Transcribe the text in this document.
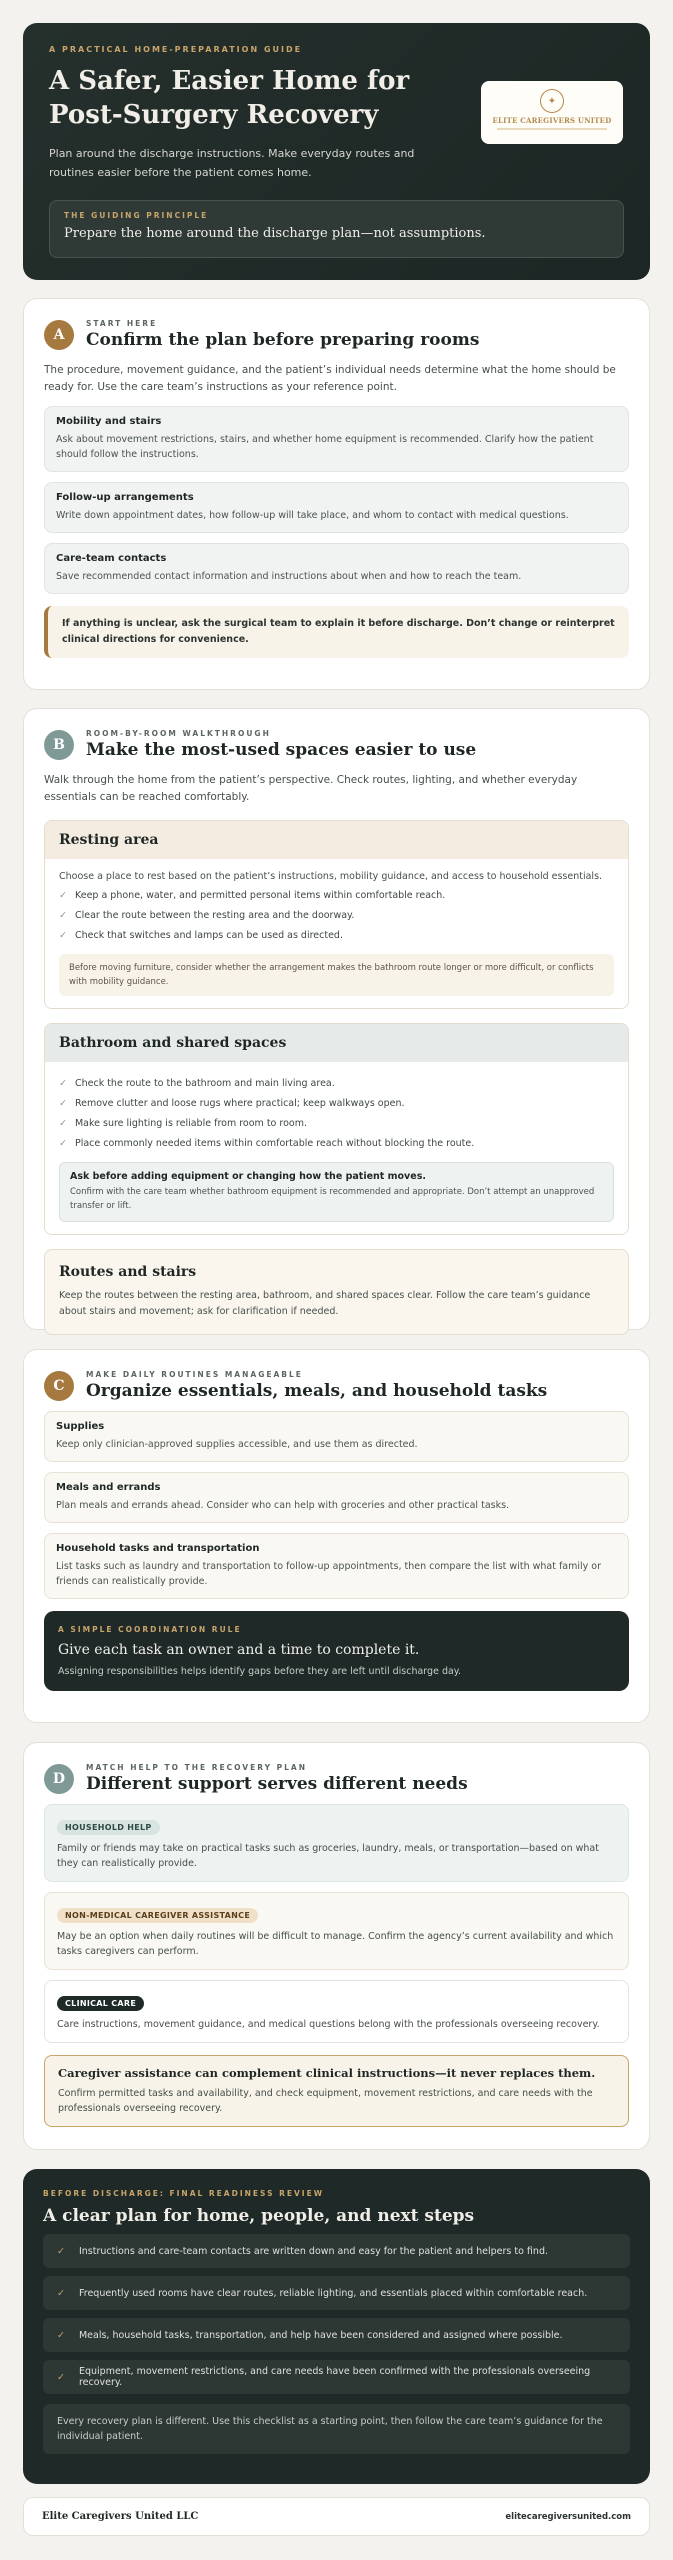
A PRACTICAL HOME-PREPARATION GUIDE
A Safer, Easier Home for Post-Surgery Recovery

Plan around the discharge instructions. Make everyday routes and routines easier before the patient comes home.

✦
ELITE CAREGIVERS UNITED
THE GUIDING PRINCIPLE
Prepare the home around the discharge plan—not assumptions.
A
START HERE
Confirm the plan before preparing rooms

The procedure, movement guidance, and the patient’s individual needs determine what the home should be ready for. Use the care team’s instructions as your reference point.

Mobility and stairs

Ask about movement restrictions, stairs, and whether home equipment is recommended. Clarify how the patient should follow the instructions.

Follow-up arrangements

Write down appointment dates, how follow-up will take place, and whom to contact with medical questions.

Care-team contacts

Save recommended contact information and instructions about when and how to reach the team.

If anything is unclear, ask the surgical team to explain it before discharge. Don’t change or reinterpret clinical directions for convenience.
B
ROOM-BY-ROOM WALKTHROUGH
Make the most-used spaces easier to use

Walk through the home from the patient’s perspective. Check routes, lighting, and whether everyday essentials can be reached comfortably.

Resting area

Choose a place to rest based on the patient’s instructions, mobility guidance, and access to household essentials.

✓ Keep a phone, water, and permitted personal items within comfortable reach.
✓ Clear the route between the resting area and the doorway.
✓ Check that switches and lamps can be used as directed.
Before moving furniture, consider whether the arrangement makes the bathroom route longer or more difficult, or conflicts with mobility guidance.
Bathroom and shared spaces
✓ Check the route to the bathroom and main living area.
✓ Remove clutter and loose rugs where practical; keep walkways open.
✓ Make sure lighting is reliable from room to room.
✓ Place commonly needed items within comfortable reach without blocking the route.
Ask before adding equipment or changing how the patient moves.

Confirm with the care team whether bathroom equipment is recommended and appropriate. Don’t attempt an unapproved transfer or lift.

Routes and stairs

Keep the routes between the resting area, bathroom, and shared spaces clear. Follow the care team’s guidance about stairs and movement; ask for clarification if needed.

C
MAKE DAILY ROUTINES MANAGEABLE
Organize essentials, meals, and household tasks
Supplies

Keep only clinician-approved supplies accessible, and use them as directed.

Meals and errands

Plan meals and errands ahead. Consider who can help with groceries and other practical tasks.

Household tasks and transportation

List tasks such as laundry and transportation to follow-up appointments, then compare the list with what family or friends can realistically provide.

A SIMPLE COORDINATION RULE
Give each task an owner and a time to complete it.

Assigning responsibilities helps identify gaps before they are left until discharge day.

D
MATCH HELP TO THE RECOVERY PLAN
Different support serves different needs
HOUSEHOLD HELP

Family or friends may take on practical tasks such as groceries, laundry, meals, or transportation—based on what they can realistically provide.

NON-MEDICAL CAREGIVER ASSISTANCE

May be an option when daily routines will be difficult to manage. Confirm the agency’s current availability and which tasks caregivers can perform.

CLINICAL CARE

Care instructions, movement guidance, and medical questions belong with the professionals overseeing recovery.

Caregiver assistance can complement clinical instructions—it never replaces them.

Confirm permitted tasks and availability, and check equipment, movement restrictions, and care needs with the professionals overseeing recovery.

BEFORE DISCHARGE: FINAL READINESS REVIEW
A clear plan for home, people, and next steps
✓ Instructions and care-team contacts are written down and easy for the patient and helpers to find.
✓ Frequently used rooms have clear routes, reliable lighting, and essentials placed within comfortable reach.
✓ Meals, household tasks, transportation, and help have been considered and assigned where possible.
✓ Equipment, movement restrictions, and care needs have been confirmed with the professionals overseeing recovery.
Every recovery plan is different. Use this checklist as a starting point, then follow the care team’s guidance for the individual patient.
Elite Caregivers United LLC	elitecaregiversunited.com
